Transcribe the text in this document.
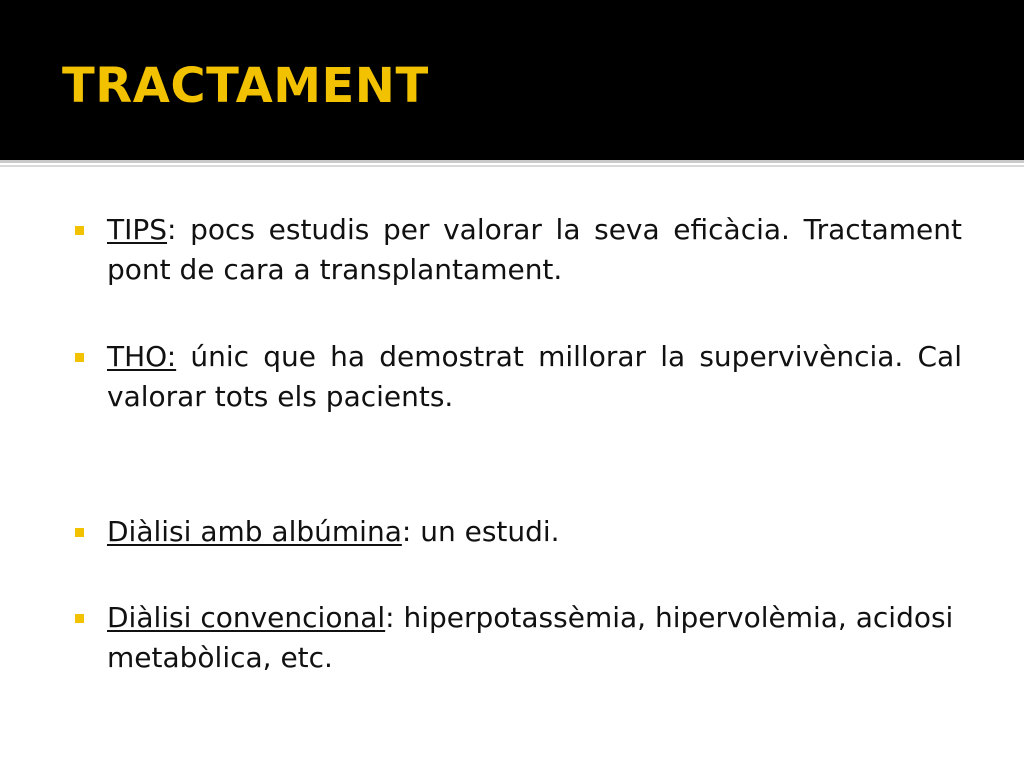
TRACTAMENT
TIPS: pocs estudis per valorar la seva eficàcia. Tractament pont de cara a transplantament.
THO: únic que ha demostrat millorar la supervivència. Cal valorar tots els pacients.
Diàlisi amb albúmina: un estudi.
Diàlisi convencional: hiperpotassèmia, hipervolèmia, acidosi metabòlica, etc.
